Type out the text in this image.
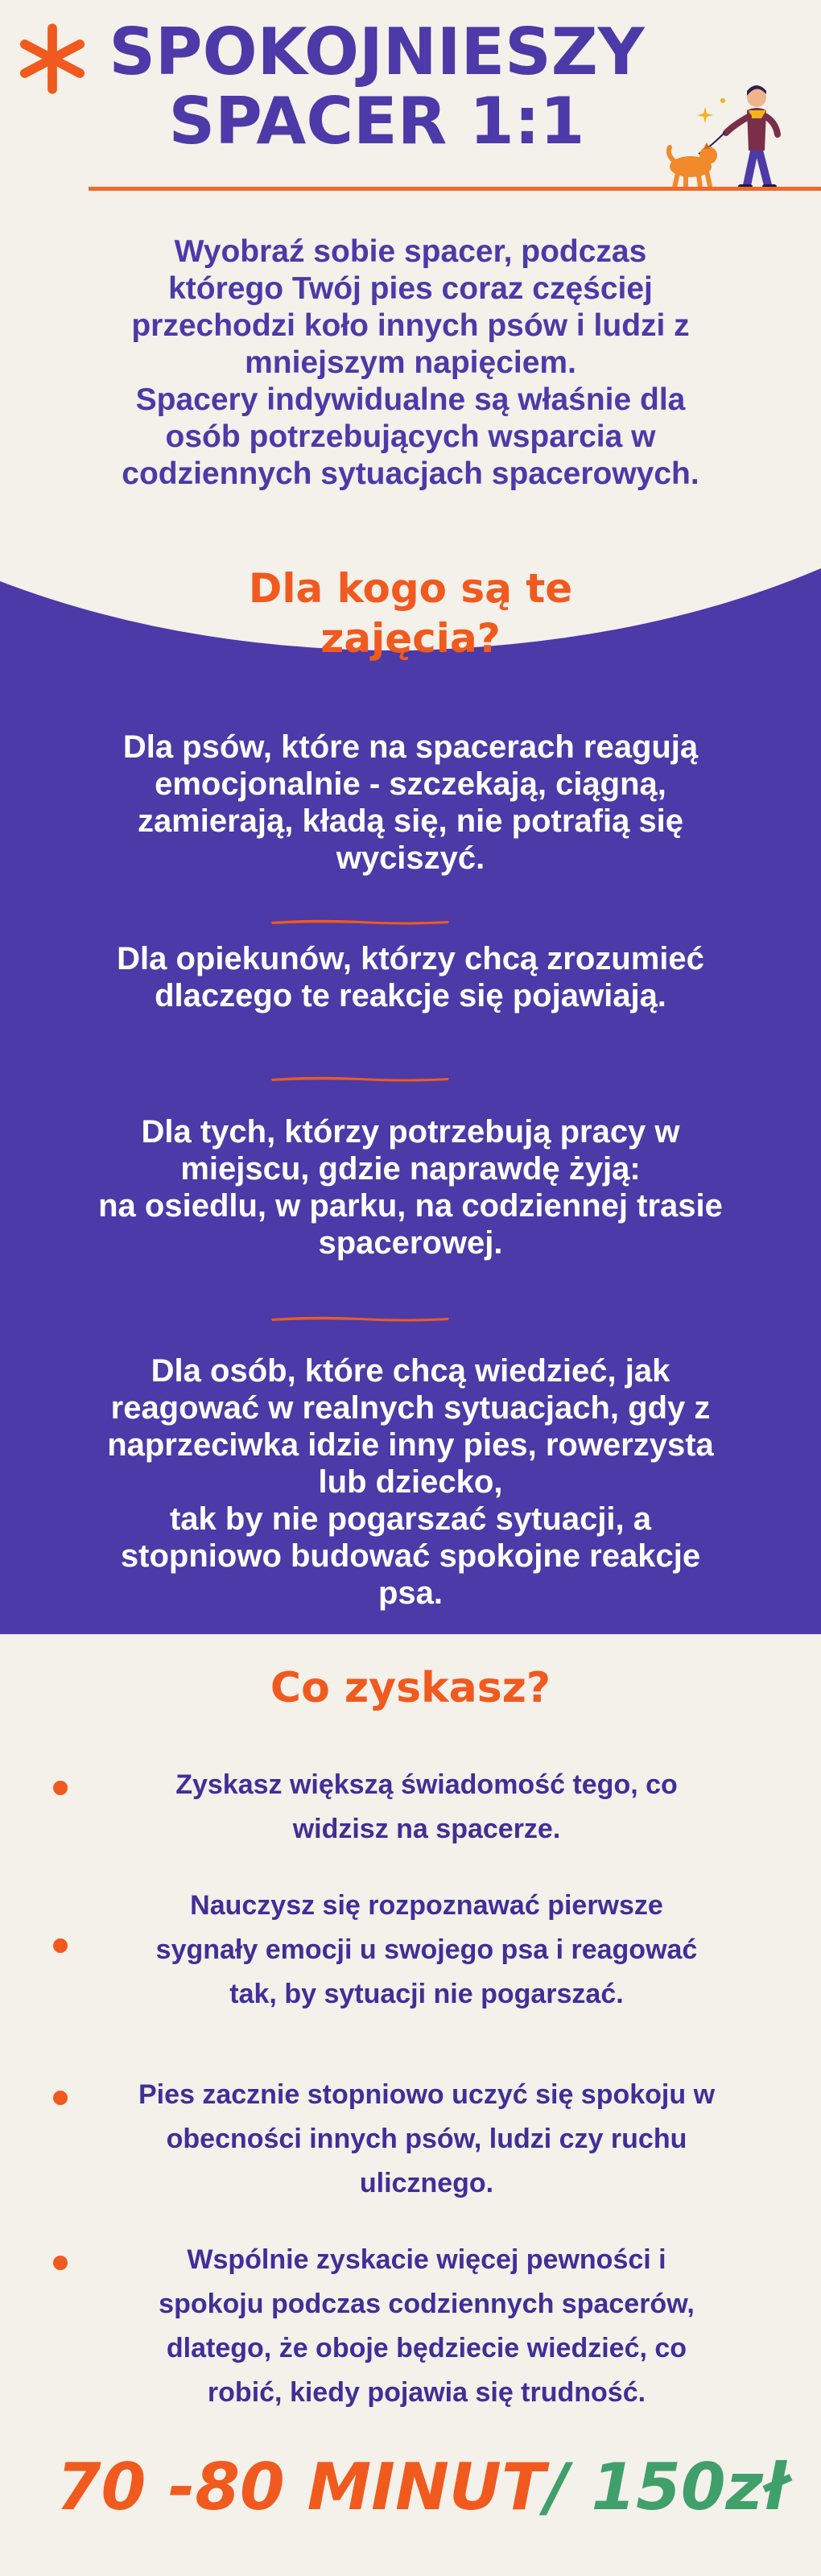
SPOKOJNIESZY
SPACER 1:1

Wyobraź sobie spacer, podczas

którego Twój pies coraz częściej

przechodzi koło innych psów i ludzi z

mniejszym napięciem.

Spacery indywidualne są właśnie dla

osób potrzebujących wsparcia w

codziennych sytuacjach spacerowych.

Dla kogo są te
zajęcia?
Dla psów, które na spacerach reagują
emocjonalnie - szczekają, ciągną,
zamierają, kładą się, nie potrafią się
wyciszyć.
Dla opiekunów, którzy chcą zrozumieć
dlaczego te reakcje się pojawiają.
Dla tych, którzy potrzebują pracy w
miejscu, gdzie naprawdę żyją:
na osiedlu, w parku, na codziennej trasie
spacerowej.
Dla osób, które chcą wiedzieć, jak
reagować w realnych sytuacjach, gdy z
naprzeciwka idzie inny pies, rowerzysta
lub dziecko,
tak by nie pogarszać sytuacji, a
stopniowo budować spokojne reakcje
psa.
Co zyskasz?
Zyskasz większą świadomość tego, co
widzisz na spacerze.
Nauczysz się rozpoznawać pierwsze
sygnały emocji u swojego psa i reagować
tak, by sytuacji nie pogarszać.
Pies zacznie stopniowo uczyć się spokoju w
obecności innych psów, ludzi czy ruchu
ulicznego.
Wspólnie zyskacie więcej pewności i
spokoju podczas codziennych spacerów,
dlatego, że oboje będziecie wiedzieć, co
robić, kiedy pojawia się trudność.
70 -80 MINUT/ 150zł
